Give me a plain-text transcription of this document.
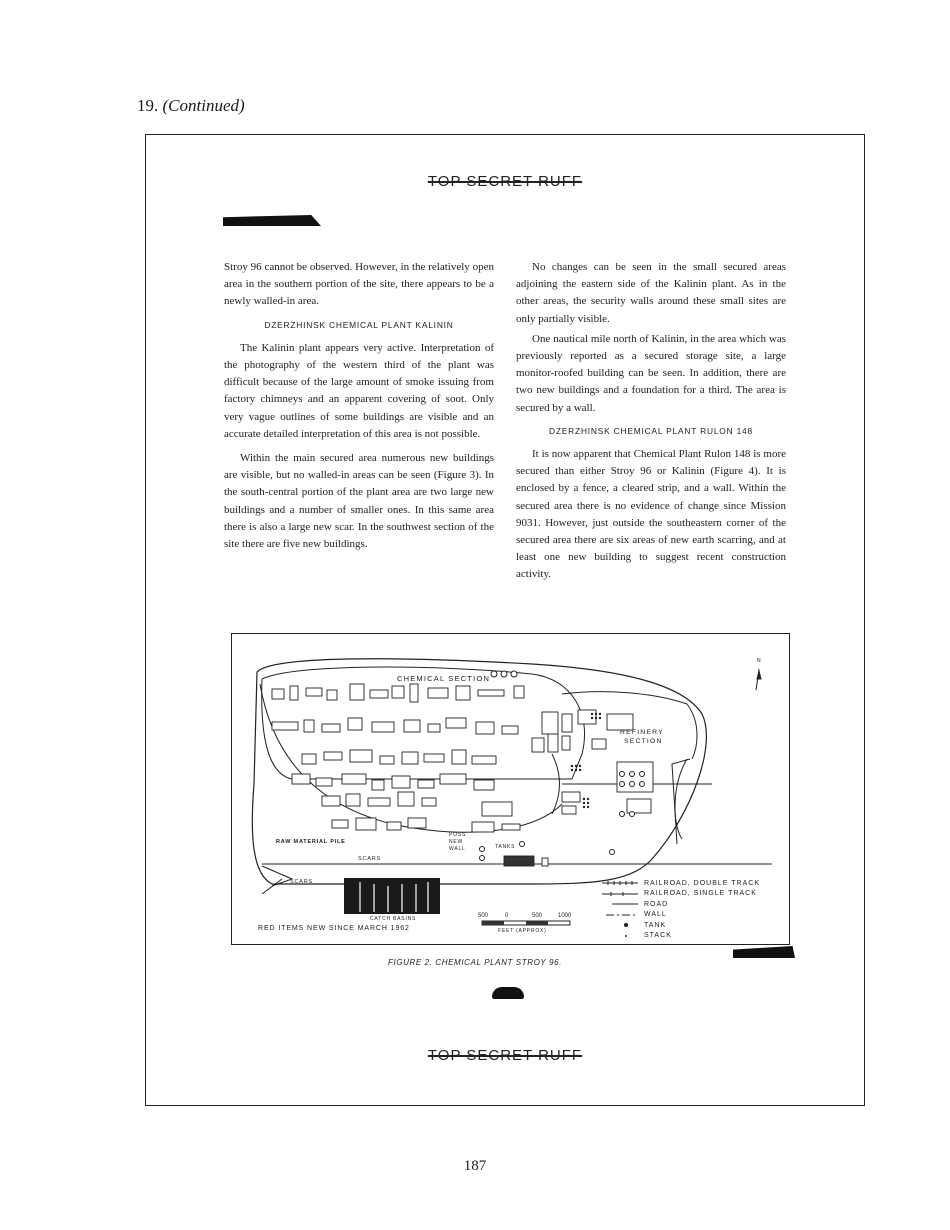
19. (Continued)
TOP SECRET RUFF
TOP SECRET RUFF

Stroy 96 cannot be observed. However, in the relatively open area in the southern portion of the site, there appears to be a newly walled-in area.

DZERZHINSK CHEMICAL PLANT KALININ

The Kalinin plant appears very active. Interpretation of the photography of the western third of the plant was difficult because of the large amount of smoke issuing from factory chimneys and an apparent covering of soot. Only very vague outlines of some buildings are visible and an accurate detailed interpretation of this area is not possible.

Within the main secured area numerous new buildings are visible, but no walled-in areas can be seen (Figure 3). In the south-central portion of the plant area are two large new buildings and a number of smaller ones. In this same area there is also a large new scar. In the southwest section of the site there are five new buildings.

No changes can be seen in the small secured areas adjoining the eastern side of the Kalinin plant. As in the other areas, the security walls around these small sites are only partially visible.

One nautical mile north of Kalinin, in the area which was previously reported as a secured storage site, a large monitor-roofed building can be seen. In addition, there are two new buildings and a foundation for a third. The area is secured by a wall.

DZERZHINSK CHEMICAL PLANT RULON 148

It is now apparent that Chemical Plant Rulon 148 is more secured than either Stroy 96 or Kalinin (Figure 4). It is enclosed by a fence, a cleared strip, and a wall. Within the secured area there is no evidence of change since Mission 9031. However, just outside the southeastern corner of the secured area there are six areas of new earth scarring, and at least one new building to suggest recent construction activity.

CHEMICAL SECTION
REFINERY
SECTION
RAW MATERIAL PILE
SCARS
SCARS
POSS
NEW
WALL	TANKS
CATCH BASINS
RED ITEMS NEW SINCE MARCH 1962
N
500	0	500	1000
FEET (APPROX)
RAILROAD, DOUBLE TRACK
RAILROAD, SINGLE TRACK
ROAD
WALL
TANK
STACK
FIGURE 2. CHEMICAL PLANT STROY 96.
187
